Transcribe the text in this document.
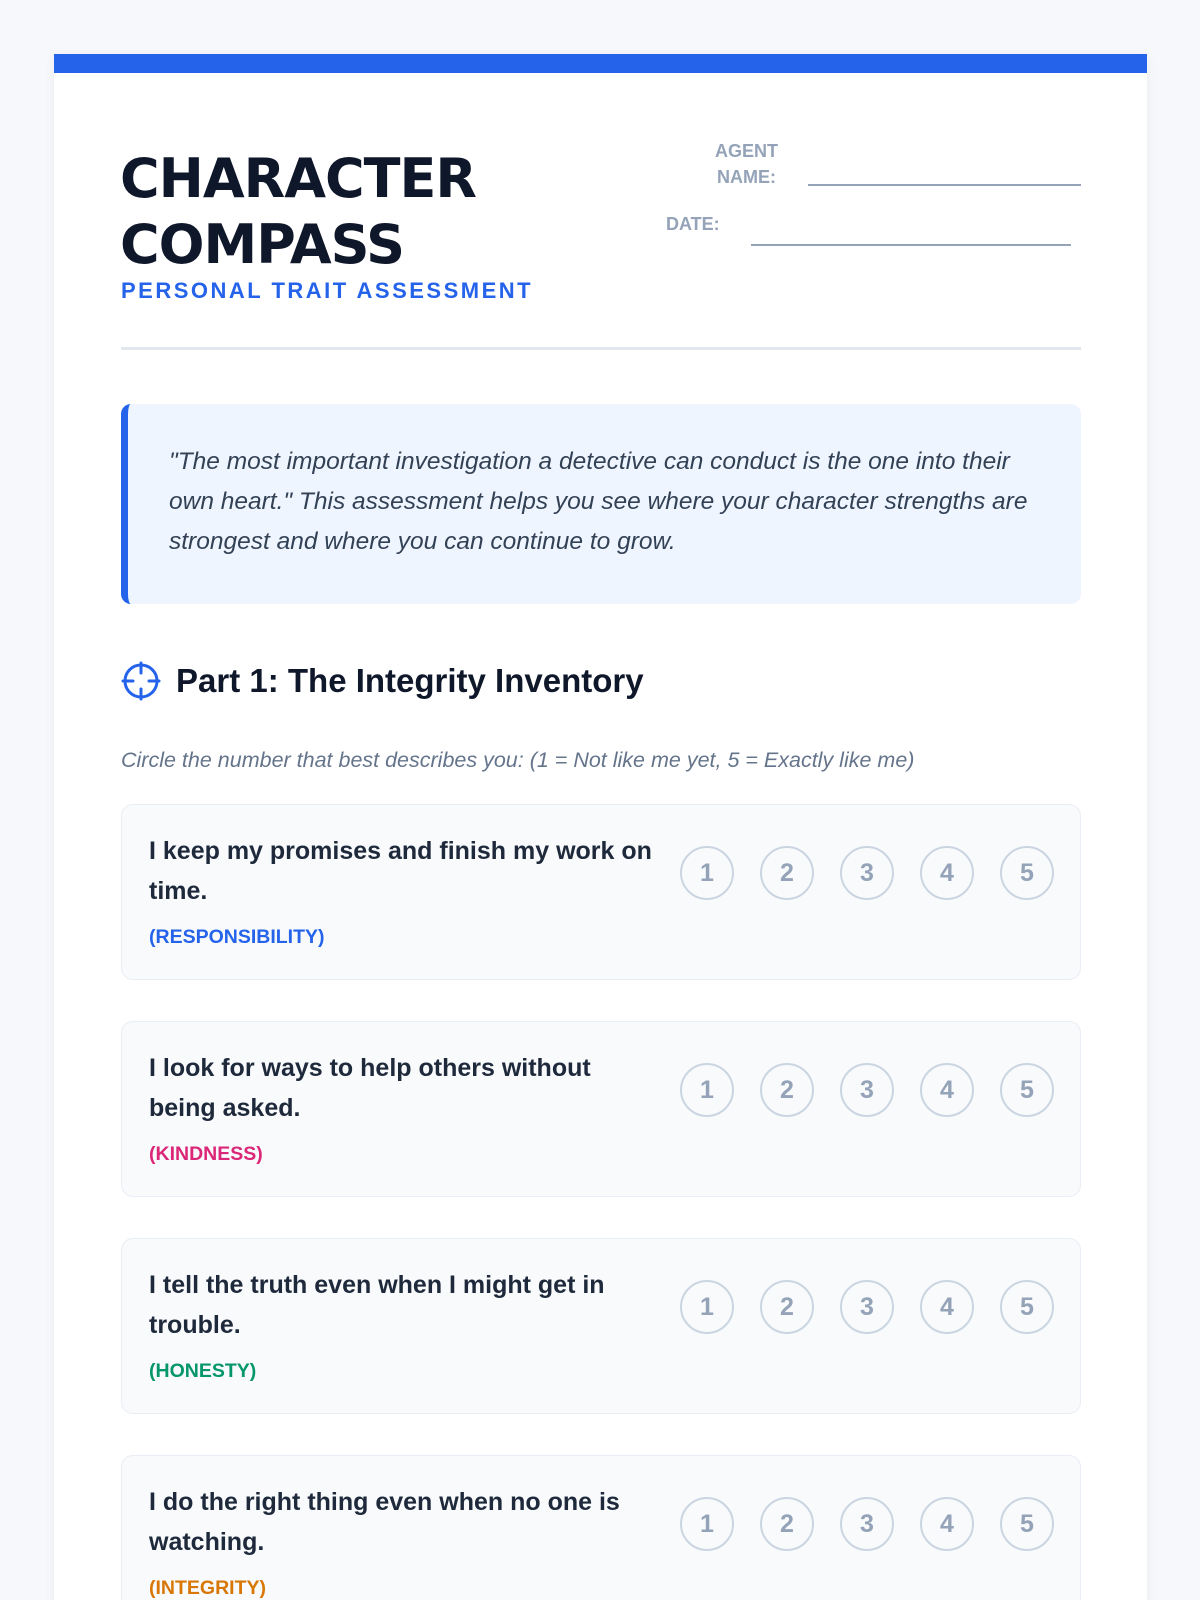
CHARACTER
COMPASS
PERSONAL TRAIT ASSESSMENT
AGENT
NAME:
DATE:

"The most important investigation a detective can conduct is the one into their own heart." This assessment helps you see where your character strengths are strongest and where you can continue to grow.

Part 1: The Integrity Inventory

Circle the number that best describes you: (1 = Not like me yet, 5 = Exactly like me)

I keep my promises and finish my work on time.
(RESPONSIBILITY)
1	2	3	4	5
I look for ways to help others without being asked.
(KINDNESS)
1	2	3	4	5
I tell the truth even when I might get in trouble.
(HONESTY)
1	2	3	4	5
I do the right thing even when no one is watching.
(INTEGRITY)
1	2	3	4	5
